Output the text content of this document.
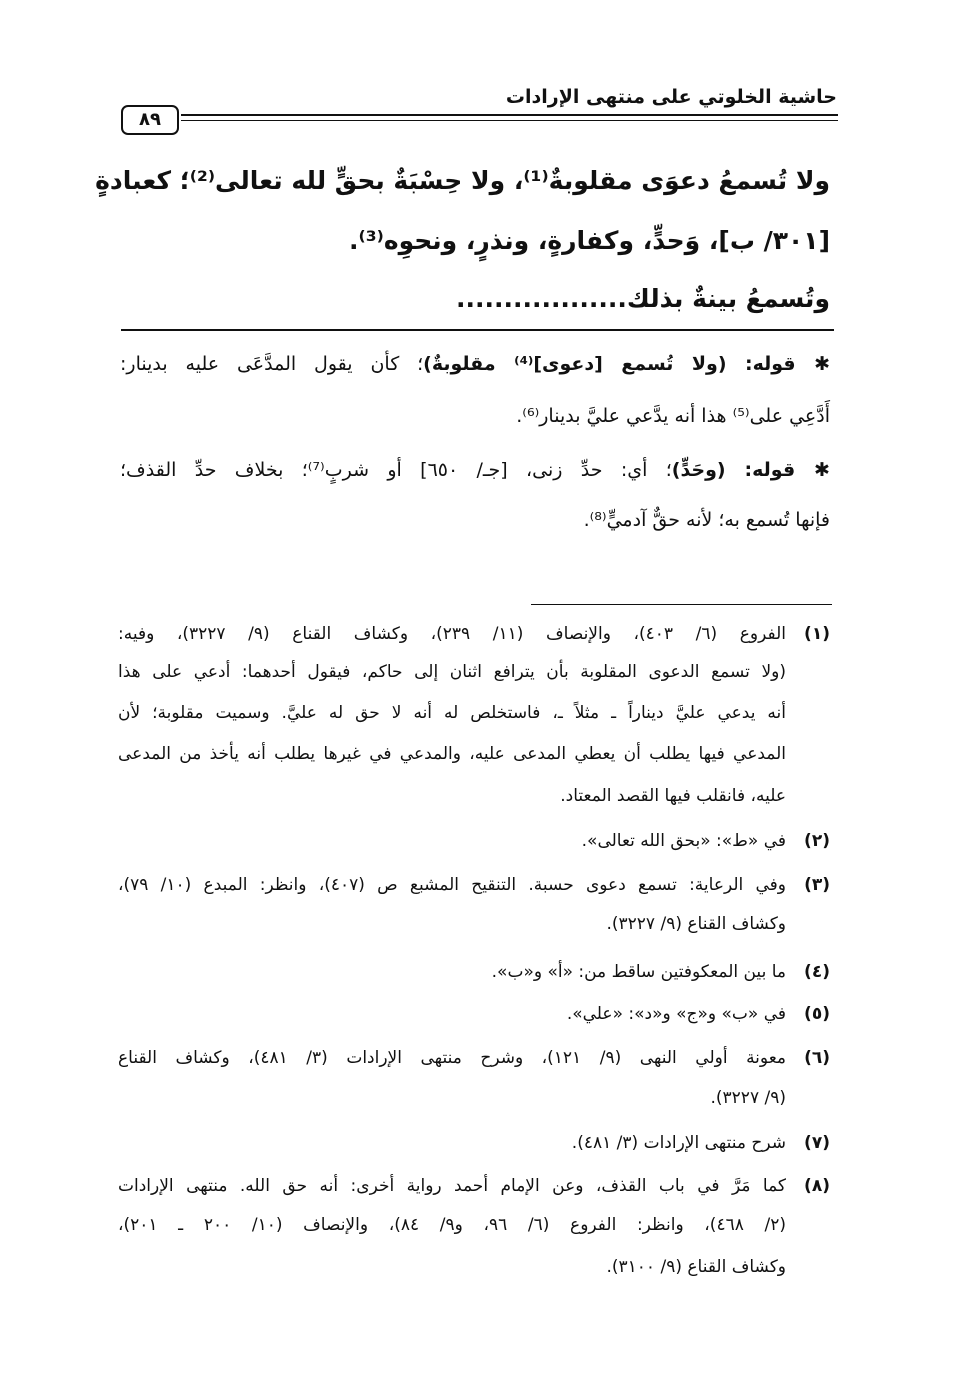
حاشية الخلوتي على منتهى الإرادات
٨٩
ولا تُسمعُ دعوَى مقلوبةٌ⁽¹⁾، ولا حِسْبَةٌ بحقٍّ لله تعالى⁽²⁾؛ كعبادةٍ
[٣٠١/ ب]، وَحدٍّ، وكفارةٍ، ونذرٍ، ونحوِه⁽³⁾.
وتُسمعُ بينةٌ بذلك..................
✱ قوله: (ولا تُسمع [دعوى]⁽⁴⁾ مقلوبةٌ)؛ كأن يقول المدَّعَى عليه بدينار:
أَدَّعِي على⁽⁵⁾ هذا أنه يدَّعي عليَّ بدينار⁽⁶⁾.
✱ قوله: (وحَدٍّ)؛ أي: حدِّ زنى، [جـ/ ٦٥٠] أو شربٍ⁽⁷⁾؛ بخلاف حدِّ القذف؛
فإنها تُسمع به؛ لأنه حقٌّ آدميٍّ⁽⁸⁾.
(١)الفروع (٦/ ٤٠٣)، والإنصاف (١١/ ٢٣٩)، وكشاف القناع (٩/ ٣٢٢٧)، وفيه:
(ولا تسمع الدعوى المقلوبة بأن يترافع اثنان إلى حاكم، فيقول أحدهما: أدعي على هذا
أنه يدعي عليَّ ديناراً ـ مثلاً ـ، فاستخلص له أنه لا حق له عليَّ. وسميت مقلوبة؛ لأن
المدعي فيها يطلب أن يعطي المدعى عليه، والمدعي في غيرها يطلب أنه يأخذ من المدعى
عليه، فانقلب فيها القصد المعتاد.
(٢)في «ط»: «بحق الله تعالى».
(٣)وفي الرعاية: تسمع دعوى حسبة. التنقيح المشبع ص (٤٠٧)، وانظر: المبدع (١٠/ ٧٩)،
وكشاف القناع (٩/ ٣٢٢٧).
(٤)ما بين المعكوفتين ساقط من: «أ» و«ب».
(٥)في «ب» و«ج» و«د»: «علي».
(٦)معونة أولي النهى (٩/ ١٢١)، وشرح منتهى الإرادات (٣/ ٤٨١)، وكشاف القناع
(٩/ ٣٢٢٧).
(٧)شرح منتهى الإرادات (٣/ ٤٨١).
(٨)كما مَرَّ في باب القذف، وعن الإمام أحمد رواية أخرى: أنه حق الله. منتهى الإرادات
(٢/ ٤٦٨)، وانظر: الفروع (٦/ ٩٦، و٩/ ٨٤)، والإنصاف (١٠/ ٢٠٠ ـ ٢٠١)،
وكشاف القناع (٩/ ٣١٠٠).
